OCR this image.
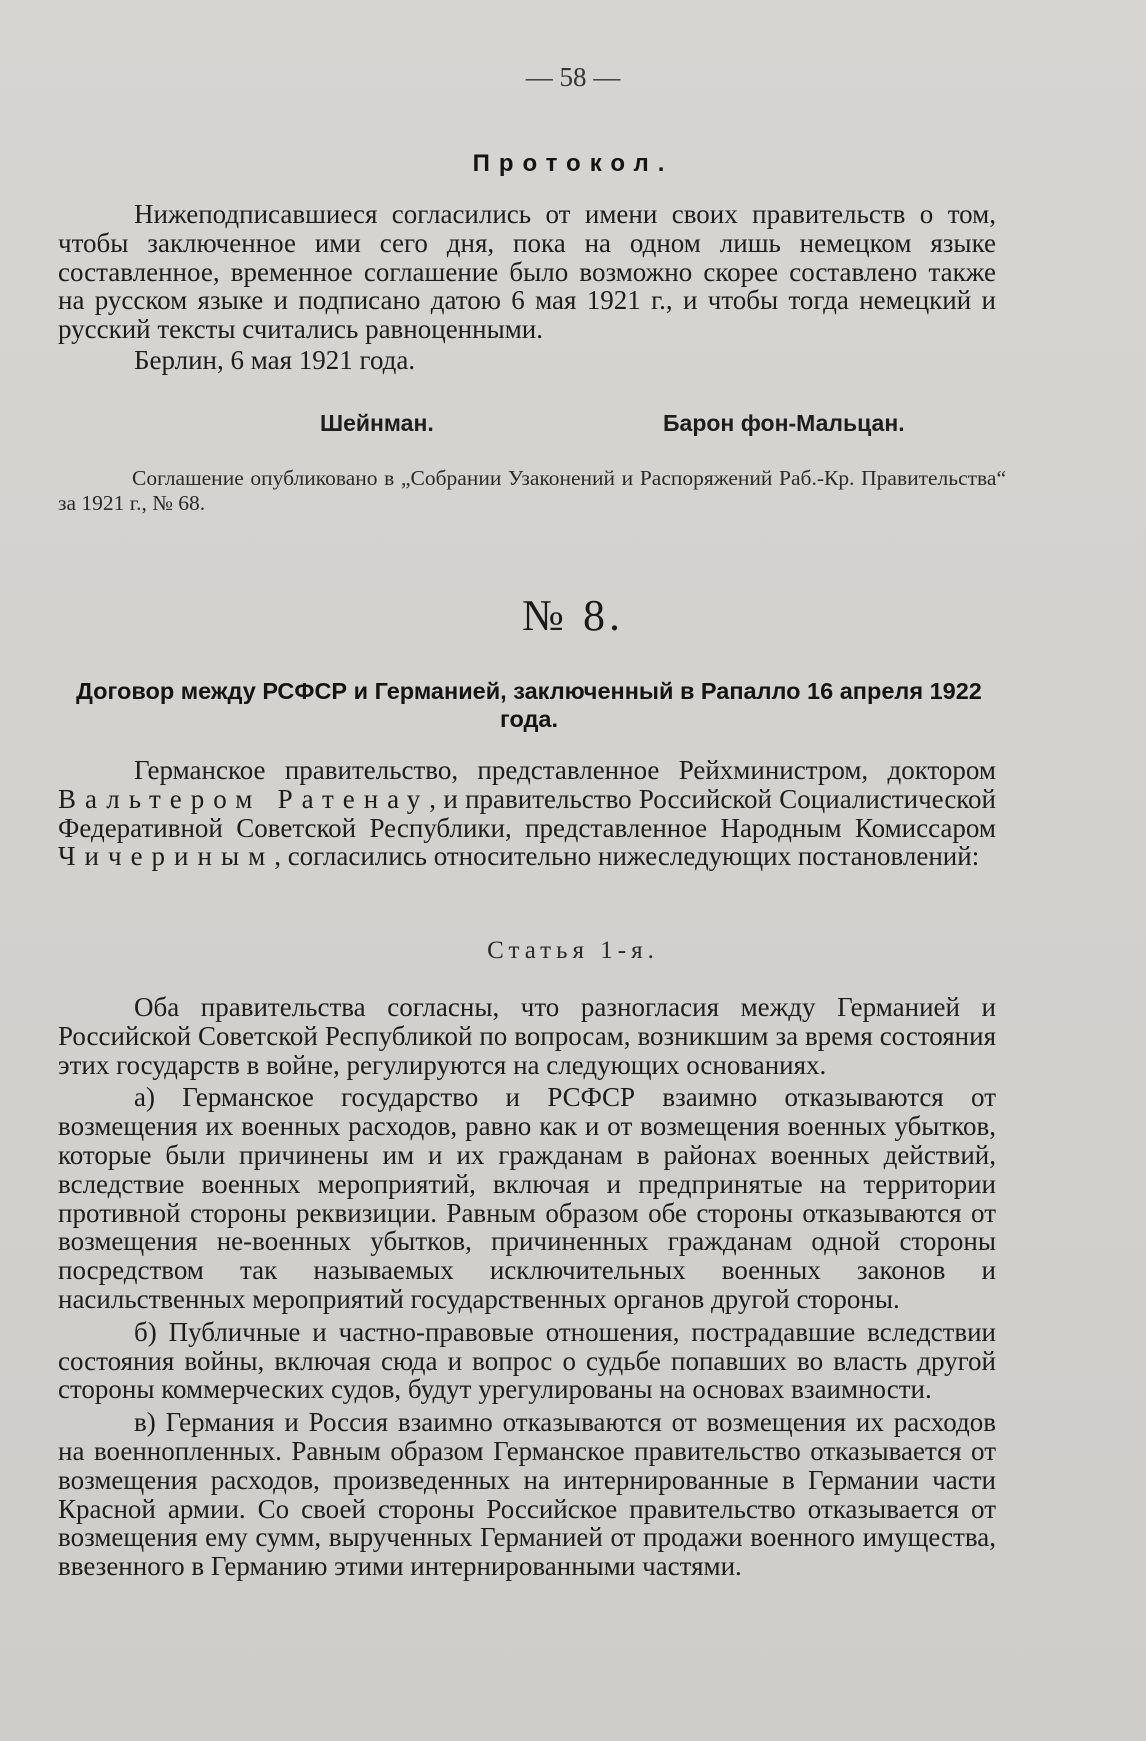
— 58 —
Протокол.

Нижеподписавшиеся согласились от имени своих правительств о том, чтобы заключенное ими сего дня, пока на одном лишь немецком языке составленное, временное соглашение было возможно скорее составлено также на русском языке и подписано датою 6 мая 1921 г., и чтобы тогда немецкий и русский тексты считались равноценными.

Берлин, 6 мая 1921 года.

Шейнман.	Барон фон-Мальцан.

Соглашение опубликовано в „Собрании Узаконений и Распоряжений Раб.-Кр. Правительства“ за 1921 г., № 68.

№ 8.

Договор между РСФСР и Германией, заключенный в Рапалло 16 апреля 1922 года.

Германское правительство, представленное Рейхминистром, доктором Вальтером Ратенау, и правительство Российской Социалистической Федеративной Советской Республики, представленное Народным Комиссаром Чичериным, согласились относительно нижеследующих постановлений:

Статья 1-я.

Оба правительства согласны, что разногласия между Германией и Российской Советской Республикой по вопросам, возникшим за время состояния этих государств в войне, регулируются на следующих основаниях.

а) Германское государство и РСФСР взаимно отказываются от возмещения их военных расходов, равно как и от возмещения военных убытков, которые были причинены им и их гражданам в районах военных действий, вследствие военных мероприятий, включая и предпринятые на территории противной стороны реквизиции. Равным образом обе стороны отказываются от возмещения не-военных убытков, причиненных гражданам одной стороны посредством так называемых исключительных военных законов и насильственных мероприятий государственных органов другой стороны.

б) Публичные и частно-правовые отношения, пострадавшие вследствии состояния войны, включая сюда и вопрос о судьбе попавших во власть другой стороны коммерческих судов, будут урегулированы на основах взаимности.

в) Германия и Россия взаимно отказываются от возмещения их расходов на военнопленных. Равным образом Германское правительство отказывается от возмещения расходов, произведенных на интернированные в Германии части Красной армии. Со своей стороны Российское правительство отказывается от возмещения ему сумм, вырученных Германией от продажи военного имущества, ввезенного в Германию этими интернированными частями.
